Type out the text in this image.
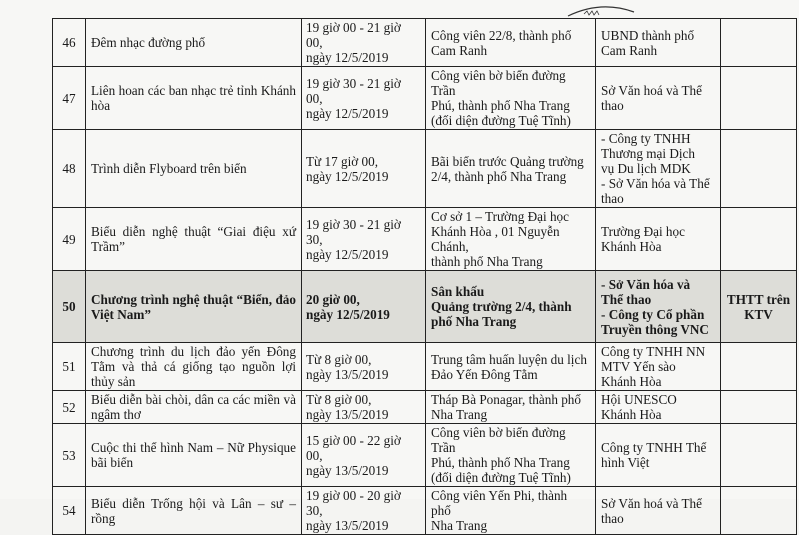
46	Đêm nhạc đường phố	19 giờ 00 - 21 giờ 00,
ngày 12/5/2019	Công viên 22/8, thành phố
Cam Ranh	UBND thành phố
Cam Ranh	

47	Liên hoan các ban nhạc trẻ tỉnh Khánh hòa	19 giờ 30 - 21 giờ 00,
ngày 12/5/2019	Công viên bờ biển đường Trần
Phú, thành phố Nha Trang
(đối diện đường Tuệ Tĩnh)	Sở Văn hoá và Thể
thao	

48	Trình diễn Flyboard trên biển	Từ 17 giờ 00,
ngày 12/5/2019	Bãi biển trước Quảng trường
2/4, thành phố Nha Trang	- Công ty TNHH
Thương mại Dịch
vụ Du lịch MDK
- Sở Văn hóa và Thể
thao	

49	Biểu diễn nghệ thuật “Giai điệu xứ Trầm”	19 giờ 30 - 21 giờ 30,
ngày 12/5/2019	Cơ sở 1 – Trường Đại học
Khánh Hòa , 01 Nguyễn Chánh,
thành phố Nha Trang	Trường Đại học
Khánh Hòa	

50	Chương trình nghệ thuật “Biển, đảo Việt Nam”	20 giờ 00,
ngày 12/5/2019	Sân khấu
Quảng trường 2/4, thành
phố Nha Trang	- Sở Văn hóa và
Thể thao
- Công ty Cổ phần
Truyền thông VNC	THTT trên KTV
51	Chương trình du lịch đảo yến Đông Tằm và thả cá giống tạo nguồn lợi thủy sản	Từ 8 giờ 00,
ngày 13/5/2019	Trung tâm huấn luyện du lịch
Đảo Yến Đông Tằm	Công ty TNHH NN
MTV Yến sào
Khánh Hòa	

52	Biểu diễn bài chòi, dân ca các miền và ngâm thơ	Từ 8 giờ 00,
ngày 13/5/2019	Tháp Bà Ponagar, thành phố
Nha Trang	Hội UNESCO
Khánh Hòa	

53	Cuộc thi thể hình Nam – Nữ Physique bãi biển	15 giờ 00 - 22 giờ 00,
ngày 13/5/2019	Công viên bờ biển đường Trần
Phú, thành phố Nha Trang
(đối diện đường Tuệ Tĩnh)	Công ty TNHH Thể
hình Việt	

54	Biểu diễn Trống hội và Lân – sư – rồng	19 giờ 00 - 20 giờ 30,
ngày 13/5/2019	Công viên Yến Phi, thành phố
Nha Trang	Sở Văn hoá và Thể
thao	
